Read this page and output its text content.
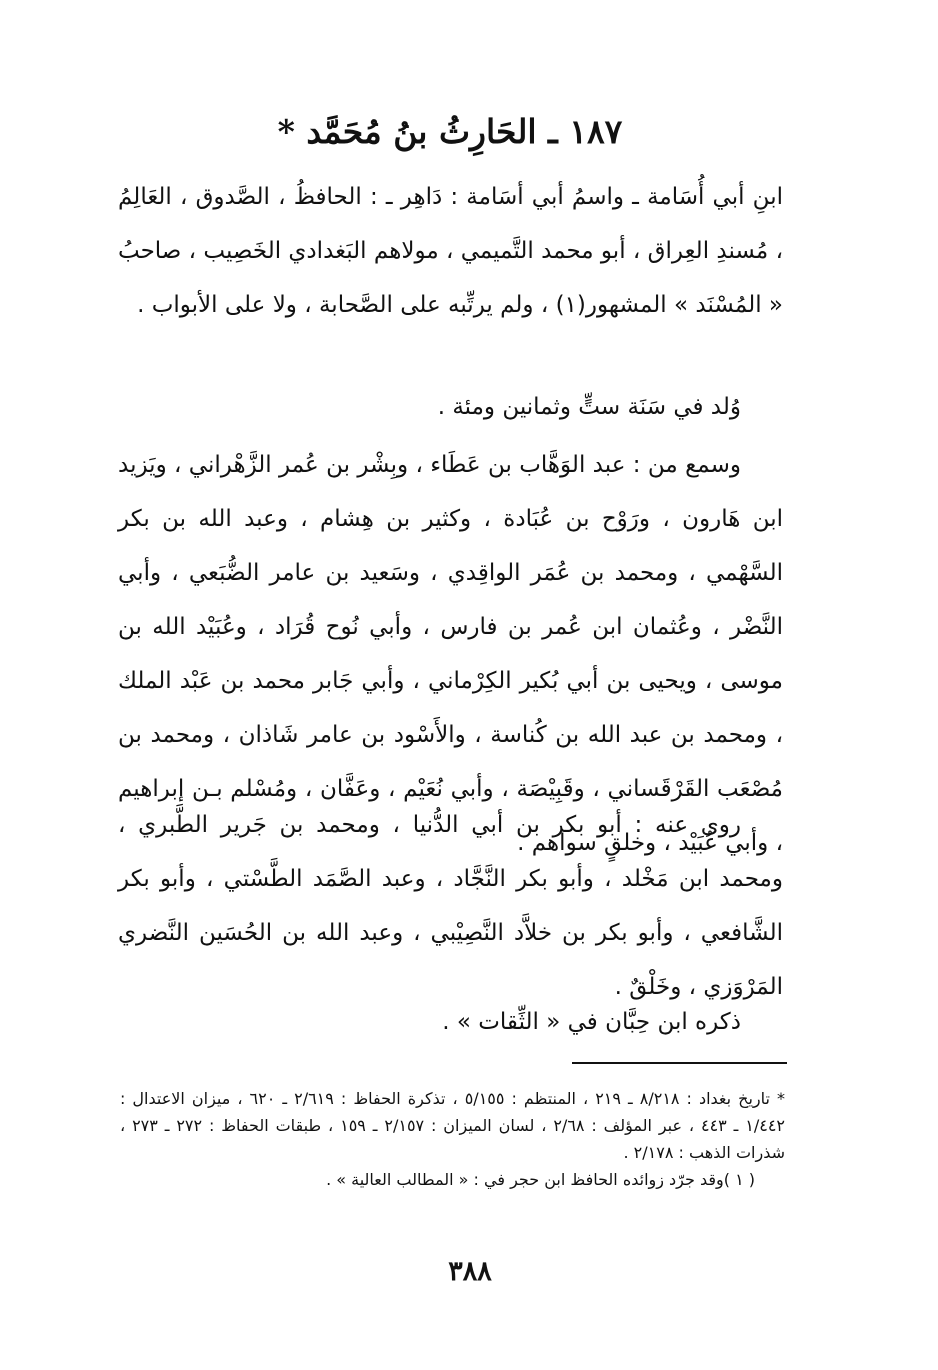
١٨٧ ـ الحَارِثُ بنُ مُحَمَّد *
ابنِ أبي أُسَامة ـ واسمُ أبي أسَامة : دَاهِر ـ : الحافظُ ، الصَّدوق ، العَالِمُ ، مُسندِ العِراق ، أبو محمد التَّميمي ، مولاهم البَغدادي الخَصِيب ، صاحبُ « المُسْنَد » المشهور(١) ، ولم يرتِّبه على الصَّحابة ، ولا على الأبواب .
وُلد في سَنَة ستٍّ وثمانين ومئة .
وسمع من : عبد الوَهَّاب بن عَطَاء ، وبِشْر بن عُمر الزَّهْراني ، ويَزيد ابن هَارون ، ورَوْح بن عُبَادة ، وكثير بن هِشام ، وعبد الله بن بكر السَّهْمي ، ومحمد بن عُمَر الواقِدي ، وسَعيد بن عامر الضُّبَعي ، وأبي النَّضْر ، وعُثمان ابن عُمر بن فارس ، وأبي نُوح قُرَاد ، وعُبَيْد الله بن موسى ، ويحيى بن أبي بُكير الكِرْماني ، وأبي جَابر محمد بن عَبْد الملك ، ومحمد بن عبد الله بن كُناسة ، والأَسْود بن عامر شَاذان ، ومحمد بن مُصْعَب القَرْقَساني ، وقَبِيْصَة ، وأبي نُعَيْم ، وعَفَّان ، ومُسْلم بـن إبراهيم ، وأبي عُبَيْد ، وخلقٍ سواهم .
روى عنه : أبو بكر بن أبي الدُّنيا ، ومحمد بن جَرير الطَّبري ، ومحمد ابن مَخْلد ، وأبو بكر النَّجَّاد ، وعبد الصَّمَد الطَّسْتي ، وأبو بكر الشَّافعي ، وأبو بكر بن خلاَّد النَّصِيْبي ، وعبد الله بن الحُسَين النَّضري المَرْوَزي ، وخَلْقٌ .
ذكره ابن حِبَّان في « الثِّقات » .
* تاريخ بغداد : ٨/٢١٨ ـ ٢١٩ ، المنتظم : ٥/١٥٥ ، تذكرة الحفاظ : ٢/٦١٩ ـ ٦٢٠ ، ميزان الاعتدال : ١/٤٤٢ ـ ٤٤٣ ، عبر المؤلف : ٢/٦٨ ، لسان الميزان : ٢/١٥٧ ـ ١٥٩ ، طبقات الحفاظ : ٢٧٢ ـ ٢٧٣ ، شذرات الذهب : ٢/١٧٨ .
( ١ )وقد جرّد زوائده الحافظ ابن حجر في : « المطالب العالية » .
٣٨٨
